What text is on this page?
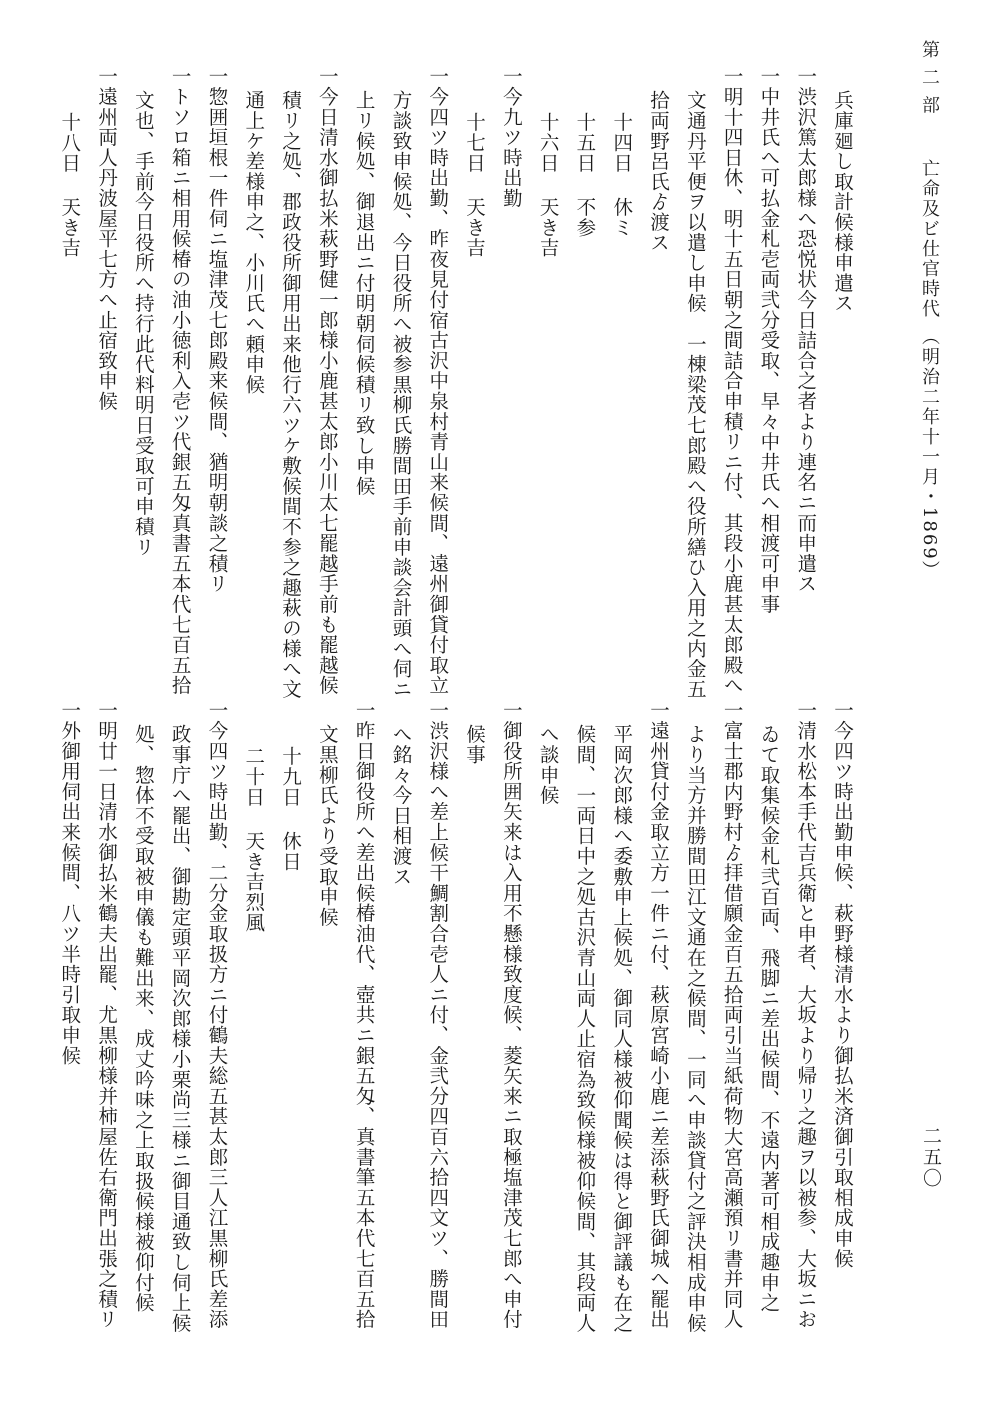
第 二 部 亡命及ビ仕官時代 （明治二年十一月・1869）
二五〇
兵庫廻し取計候様申遣ス
一渋沢篤太郎様へ恐悦状今日詰合之者より連名ニ而申遣ス
一中井氏へ可払金札壱両弐分受取、早々中井氏へ相渡可申事
一明十四日休、明十五日朝之間詰合申積リニ付、其段小鹿甚太郎殿へ
文通丹平便ヲ以遣し申候　一棟梁茂七郎殿へ役所繕ひ入用之内金五
拾両野呂氏ゟ渡ス
十四日休ミ
十五日不参
十六日天き吉
一今九ツ時出勤
十七日天き吉
一今四ツ時出勤、昨夜見付宿古沢中泉村青山来候間、遠州御貸付取立
方談致申候処、今日役所へ被参黒柳氏勝間田手前申談会計頭へ伺ニ
上リ候処、御退出ニ付明朝伺候積リ致し申候
一今日清水御払米萩野健一郎様小鹿甚太郎小川太七罷越手前も罷越候
積リ之処、郡政役所御用出来他行六ツケ敷候間不参之趣萩の様へ文
通上ケ差様申之、小川氏へ頼申候
一惣囲垣根一件伺ニ塩津茂七郎殿来候間、猶明朝談之積リ
一トソロ箱ニ相用候椿の油小徳利入壱ツ代銀五匁真書五本代七百五拾
文也、手前今日役所へ持行此代料明日受取可申積リ
一遠州両人丹波屋平七方へ止宿致申候
十八日天き吉
一今四ツ時出勤申候、萩野様清水より御払米済御引取相成申候
一清水松本手代吉兵衛と申者、大坂より帰リ之趣ヲ以被参、大坂ニお
ゐて取集候金札弐百両、飛脚ニ差出候間、不遠内著可相成趣申之
一富士郡内野村ゟ拝借願金百五拾両引当紙荷物大宮高瀬預リ書并同人
より当方并勝間田江文通在之候間、一同へ申談貸付之評決相成申候
一遠州貸付金取立方一件ニ付、萩原宮崎小鹿ニ差添萩野氏御城へ罷出
平岡次郎様へ委敷申上候処、御同人様被仰聞候は得と御評議も在之
候間、一両日中之処古沢青山両人止宿為致候様被仰候間、其段両人
へ談申候
一御役所囲矢来は入用不懸様致度候、菱矢来ニ取極塩津茂七郎へ申付
候事
一渋沢様へ差上候干鯛割合壱人ニ付、金弐分四百六拾四文ツ、勝間田
へ銘々今日相渡ス
一昨日御役所へ差出候椿油代、壺共ニ銀五匁、真書筆五本代七百五拾
文黒柳氏より受取申候
十九日休日
二十日天き吉烈風
一今四ツ時出勤、二分金取扱方ニ付鶴夫総五甚太郎三人江黒柳氏差添
政事庁へ罷出、御勘定頭平岡次郎様小栗尚三様ニ御目通致し伺上候
処、惣体不受取被申儀も難出来、成丈吟味之上取扱候様被仰付候
一明廿一日清水御払米鶴夫出罷、尤黒柳様并柿屋佐右衛門出張之積リ
一外御用伺出来候間、八ツ半時引取申候
